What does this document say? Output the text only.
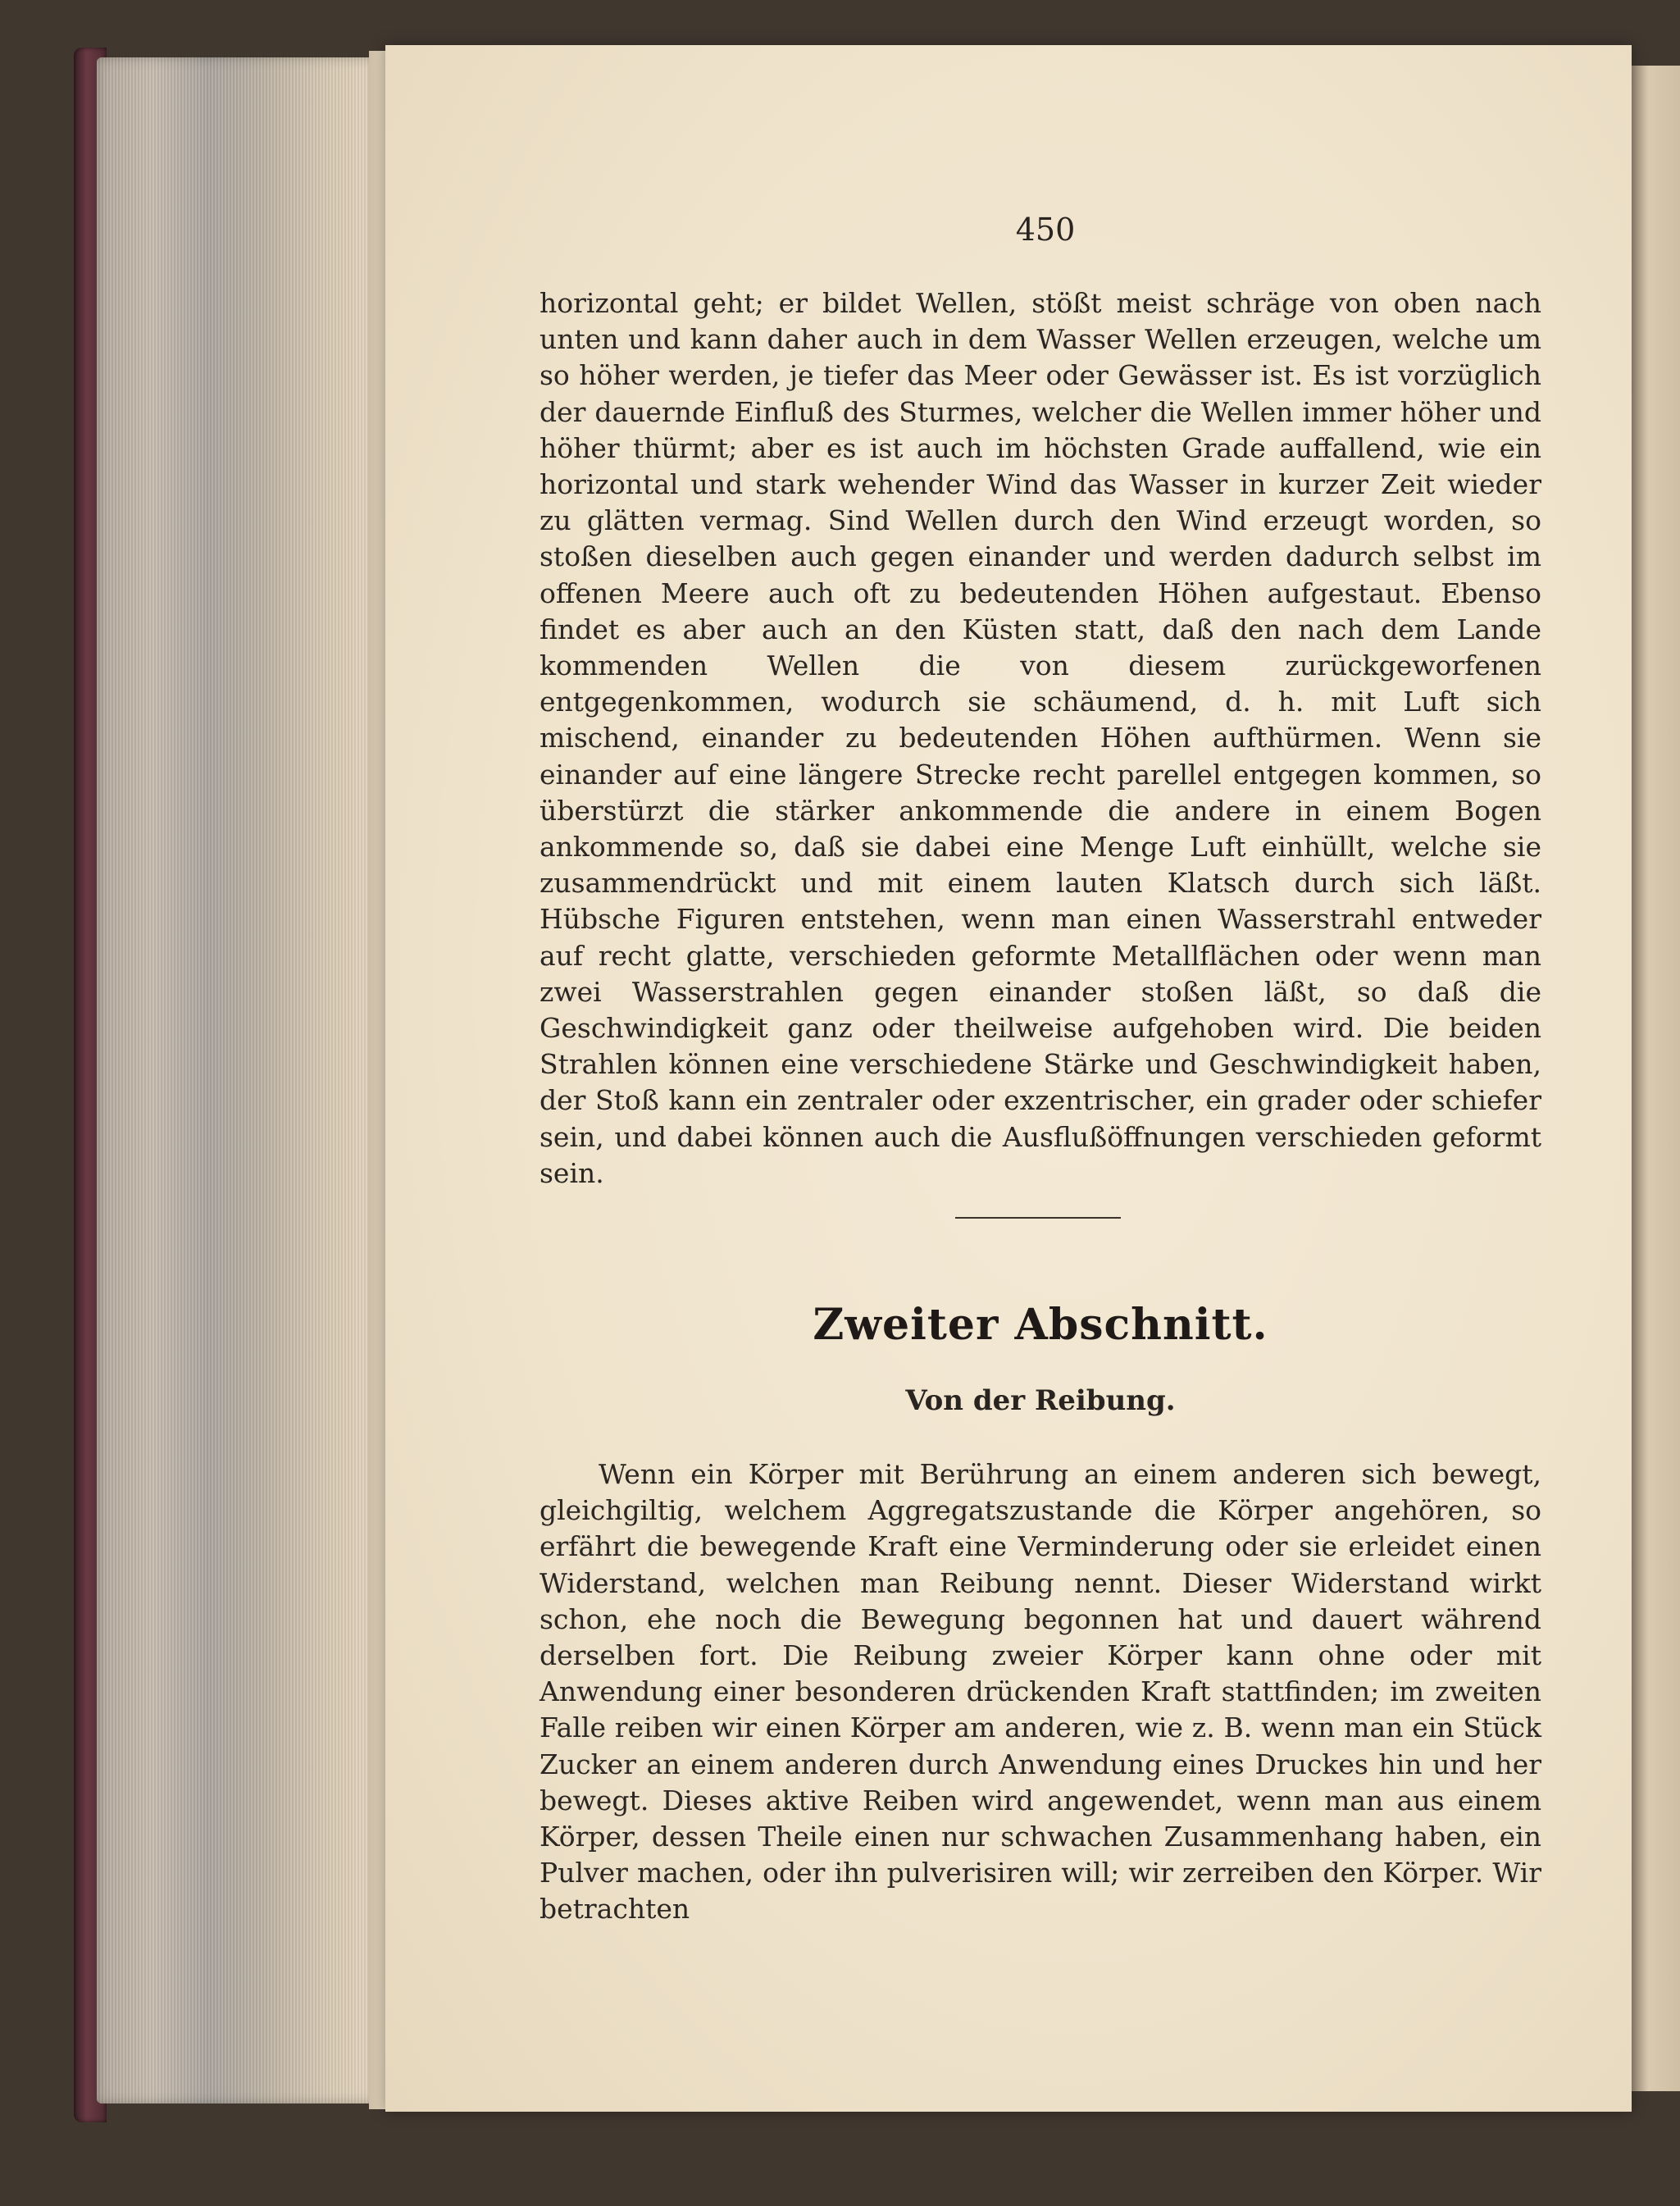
450

horizontal geht; er bildet Wellen, stößt meist schräge von oben nach unten und kann daher auch in dem Wasser Wellen erzeugen, welche um so höher werden, je tiefer das Meer oder Gewässer ist. Es ist vorzüglich der dauernde Einfluß des Sturmes, welcher die Wellen immer höher und höher thürmt; aber es ist auch im höchsten Grade auffallend, wie ein horizontal und stark wehender Wind das Wasser in kurzer Zeit wieder zu glätten vermag. Sind Wellen durch den Wind erzeugt worden, so stoßen dieselben auch gegen einander und werden dadurch selbst im offenen Meere auch oft zu bedeutenden Höhen aufgestaut. Ebenso findet es aber auch an den Küsten statt, daß den nach dem Lande kommenden Wellen die von diesem zurückgeworfenen entgegenkommen, wodurch sie schäumend, d. h. mit Luft sich mischend, einander zu bedeutenden Höhen aufthürmen. Wenn sie einander auf eine längere Strecke recht parellel entgegen kommen, so überstürzt die stärker ankommende die andere in einem Bogen ankommende so, daß sie dabei eine Menge Luft einhüllt, welche sie zusammendrückt und mit einem lauten Klatsch durch sich läßt. Hübsche Figuren entstehen, wenn man einen Wasserstrahl entweder auf recht glatte, verschieden geformte Metallflächen oder wenn man zwei Wasserstrahlen gegen einander stoßen läßt, so daß die Geschwindigkeit ganz oder theilweise aufgehoben wird. Die beiden Strahlen können eine verschiedene Stärke und Geschwindigkeit haben, der Stoß kann ein zentraler oder exzentrischer, ein grader oder schiefer sein, und dabei können auch die Ausflußöffnungen verschieden geformt sein.

Zweiter Abschnitt.
Von der Reibung.

Wenn ein Körper mit Berührung an einem anderen sich bewegt, gleichgiltig, welchem Aggregatszustande die Körper angehören, so erfährt die bewegende Kraft eine Verminderung oder sie erleidet einen Widerstand, welchen man Reibung nennt. Dieser Widerstand wirkt schon, ehe noch die Bewegung begonnen hat und dauert während derselben fort. Die Reibung zweier Körper kann ohne oder mit Anwendung einer besonderen drückenden Kraft stattfinden; im zweiten Falle reiben wir einen Körper am anderen, wie z. B. wenn man ein Stück Zucker an einem anderen durch Anwendung eines Druckes hin und her bewegt. Dieses aktive Reiben wird angewendet, wenn man aus einem Körper, dessen Theile einen nur schwachen Zusammenhang haben, ein Pulver machen, oder ihn pulverisiren will; wir zerreiben den Körper. Wir betrachten
